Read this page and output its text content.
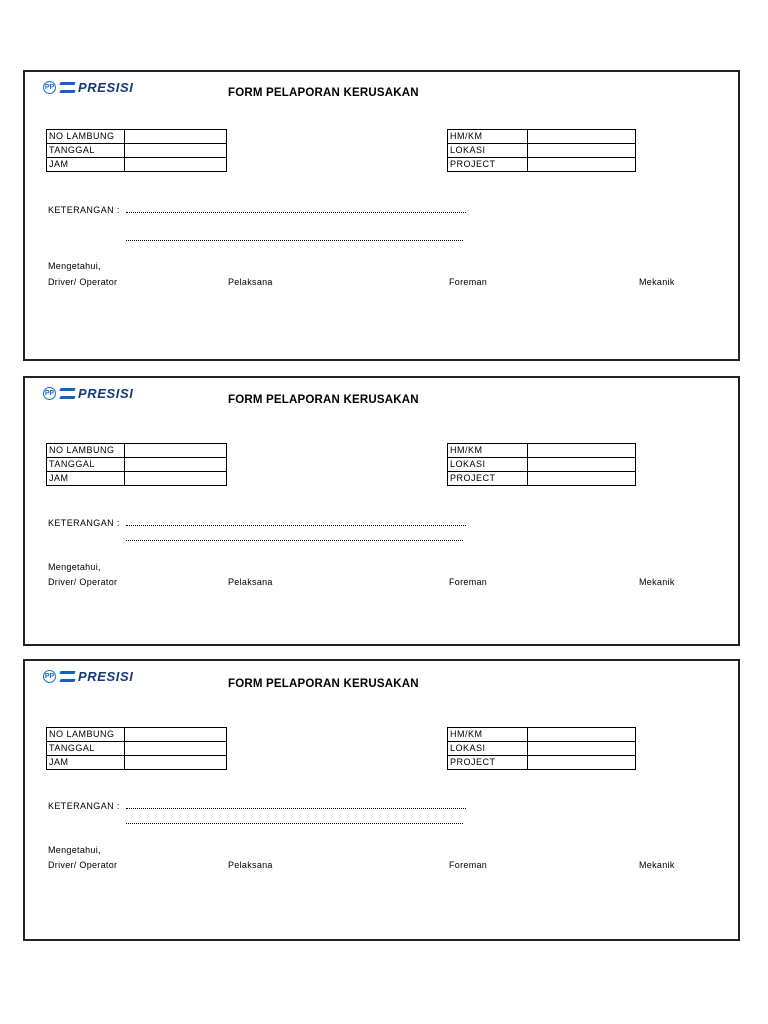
PP PRESISI	FORM PELAPORAN KERUSAKAN
NO LAMBUNG	
TANGGAL	
JAM	
HM/KM	
LOKASI	
PROJECT	
KETERANGAN :
Mengetahui,
Driver/ Operator	Pelaksana	Foreman	Mekanik
PP PRESISI	FORM PELAPORAN KERUSAKAN
NO LAMBUNG	
TANGGAL	
JAM	
HM/KM	
LOKASI	
PROJECT	
KETERANGAN :
Mengetahui,
Driver/ Operator	Pelaksana	Foreman	Mekanik
PP PRESISI
FORM PELAPORAN KERUSAKAN
NO LAMBUNG	
TANGGAL	
JAM	
HM/KM	
LOKASI	
PROJECT	
KETERANGAN :
Mengetahui,
Driver/ Operator	Pelaksana	Foreman	Mekanik
